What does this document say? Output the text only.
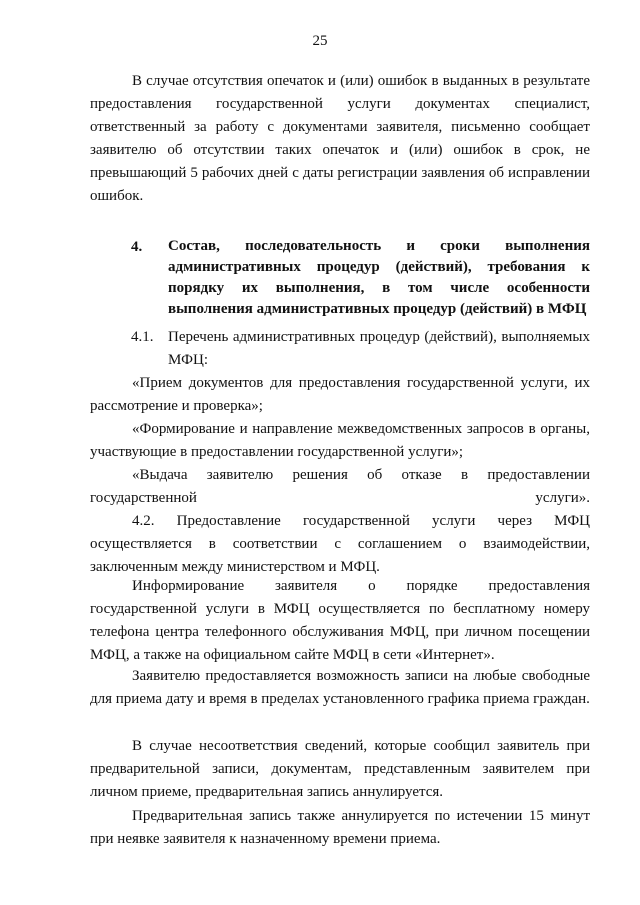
25
В случае отсутствия опечаток и (или) ошибок в выданных в результате предоставления государственной услуги документах специалист, ответственный за работу с документами заявителя, письменно сообщает заявителю об отсутствии таких опечаток и (или) ошибок в срок, не превышающий 5 рабочих дней с даты регистрации заявления об исправлении ошибок.
4. Состав, последовательность и сроки выполнения административных процедур (действий), требования к порядку их выполнения, в том числе особенности выполнения административных процедур (действий) в МФЦ
4.1. Перечень административных процедур (действий), выполняемых МФЦ:
«Прием документов для предоставления государственной услуги, их рассмотрение и проверка»;
«Формирование и направление межведомственных запросов в органы, участвующие в предоставлении государственной услуги»;
«Выдача заявителю решения об отказе в предоставлении государственной услуги».
4.2. Предоставление государственной услуги через МФЦ осуществляется в соответствии с соглашением о взаимодействии, заключенным между министерством и МФЦ.
Информирование заявителя о порядке предоставления государственной услуги в МФЦ осуществляется по бесплатному номеру телефона центра телефонного обслуживания МФЦ, при личном посещении МФЦ, а также на официальном сайте МФЦ в сети «Интернет».
Заявителю предоставляется возможность записи на любые свободные для приема дату и время в пределах установленного графика приема граждан.
В случае несоответствия сведений, которые сообщил заявитель при предварительной записи, документам, представленным заявителем при личном приеме, предварительная запись аннулируется.
Предварительная запись также аннулируется по истечении 15 минут при неявке заявителя к назначенному времени приема.
